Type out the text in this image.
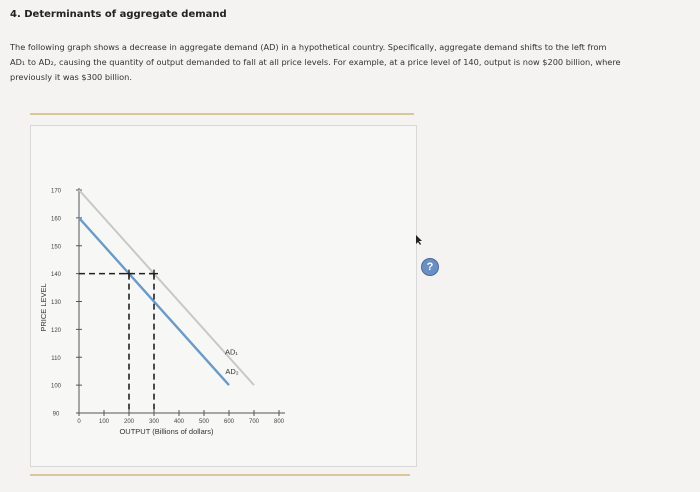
4. Determinants of aggregate demand

The following graph shows a decrease in aggregate demand (AD) in a hypothetical country. Specifically, aggregate demand shifts to the left from

AD₁ to AD₂, causing the quantity of output demanded to fall at all price levels. For example, at a price level of 140, output is now $200 billion, where

previously it was $300 billion.

?
90
100
110
120
130
140
150
160
170
0	100 200 300 400 500 600 700 800
OUTPUT (Billions of dollars)
PRICE LEVEL
AD₁
AD₂
